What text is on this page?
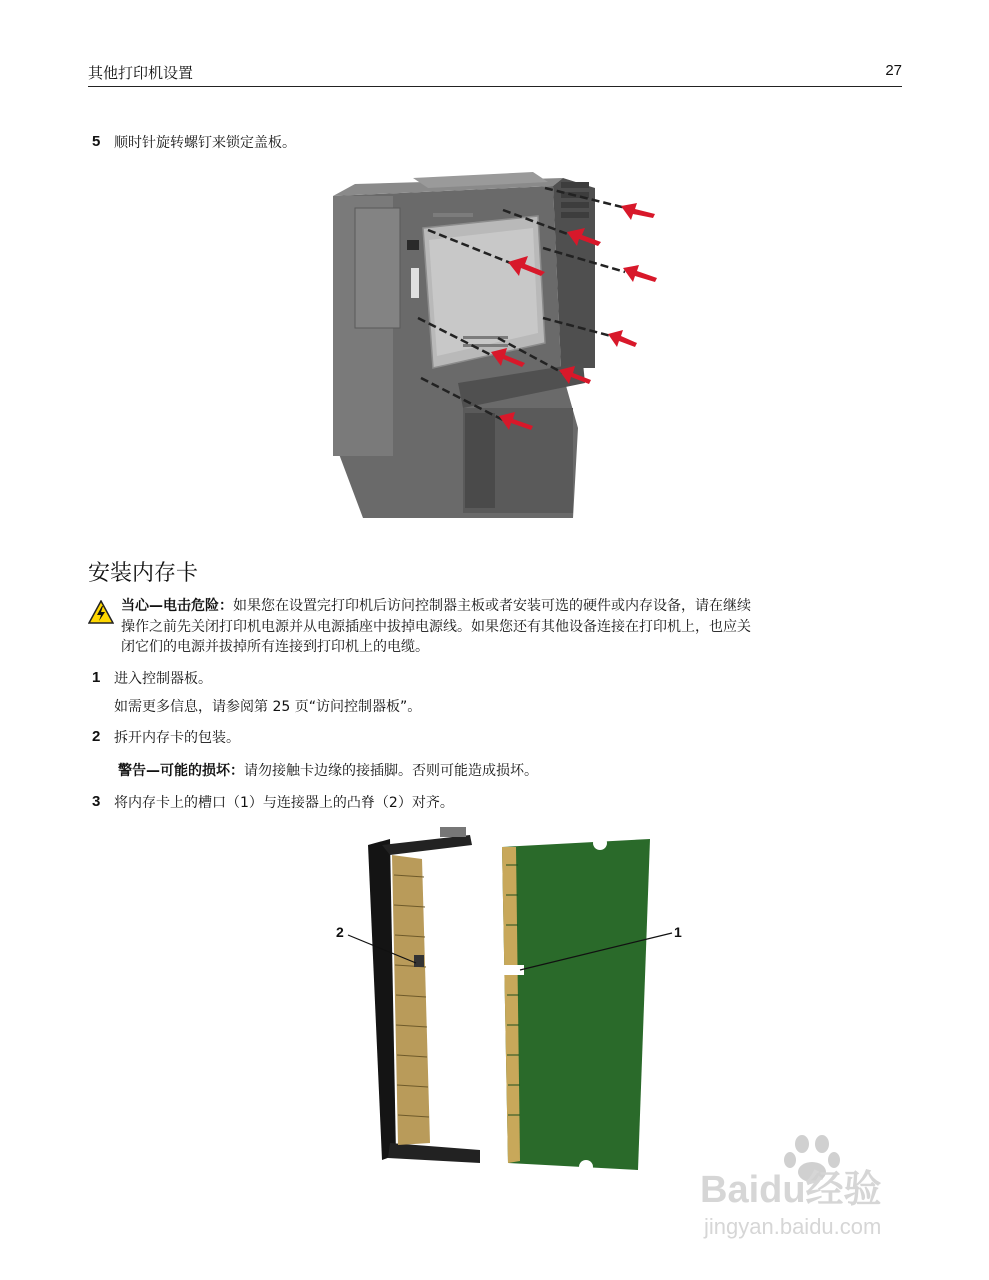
其他打印机设置	27
5 顺时针旋转螺钉来锁定盖板。
安装内存卡
当心—电击危险：如果您在设置完打印机后访问控制器主板或者安装可选的硬件或内存设备，请在继续
操作之前先关闭打印机电源并从电源插座中拔掉电源线。如果您还有其他设备连接在打印机上，也应关
闭它们的电源并拔掉所有连接到打印机上的电缆。
1 进入控制器板。
如需更多信息，请参阅第 25 页“访问控制器板”。
2 拆开内存卡的包装。
警告—可能的损坏：请勿接触卡边缘的接插脚。否则可能造成损坏。
3 将内存卡上的槽口（1）与连接器上的凸脊（2）对齐。
2	1
Baidu经验
jingyan.baidu.com
